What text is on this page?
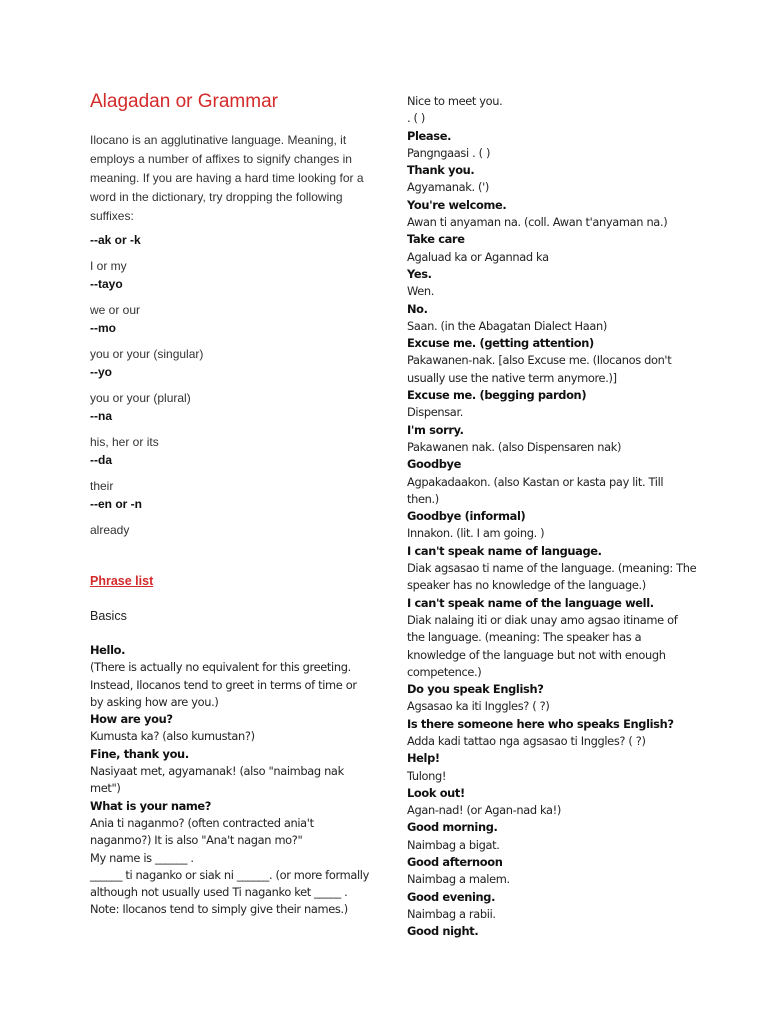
Alagadan or Grammar

Ilocano is an agglutinative language. Meaning, it employs a number of affixes to signify changes in meaning. If you are having a hard time looking for a word in the dictionary, try dropping the following suffixes:

--ak or -k

I or my

--tayo

we or our

--mo

you or your (singular)

--yo

you or your (plural)

--na

his, her or its

--da

their

--en or -n

already

Phrase list

Basics

Hello.

(There is actually no equivalent for this greeting. Instead, Ilocanos tend to greet in terms of time or by asking how are you.)

How are you?

Kumusta ka? (also kumustan?)

Fine, thank you.

Nasiyaat met, agyamanak! (also "naimbag nak met")

What is your name?

Ania ti naganmo? (often contracted ania't naganmo?) It is also "Ana't nagan mo?"

My name is ______ .

______ ti naganko or siak ni ______. (or more formally although not usually used Ti naganko ket _____ . Note: Ilocanos tend to simply give their names.)

Nice to meet you.

. ( )

Please.

Pangngaasi . ( )

Thank you.

Agyamanak. (')

You're welcome.

Awan ti anyaman na. (coll. Awan t'anyaman na.)

Take care

Agaluad ka or Agannad ka

Yes.

Wen.

No.

Saan. (in the Abagatan Dialect Haan)

Excuse me. (getting attention)

Pakawanen-nak. [also Excuse me. (Ilocanos don't usually use the native term anymore.)]

Excuse me. (begging pardon)

Dispensar.

I'm sorry.

Pakawanen nak. (also Dispensaren nak)

Goodbye

Agpakadaakon. (also Kastan or kasta pay lit. Till then.)

Goodbye (informal)

Innakon. (lit. I am going. )

I can't speak name of language.

Diak agsasao ti name of the language. (meaning: The speaker has no knowledge of the language.)

I can't speak name of the language well.

Diak nalaing iti or diak unay amo agsao itiname of the language. (meaning: The speaker has a knowledge of the language but not with enough competence.)

Do you speak English?

Agsasao ka iti Inggles? ( ?)

Is there someone here who speaks English?

Adda kadi tattao nga agsasao ti Inggles? ( ?)

Help!

Tulong!

Look out!

Agan-nad! (or Agan-nad ka!)

Good morning.

Naimbag a bigat.

Good afternoon

Naimbag a malem.

Good evening.

Naimbag a rabii.

Good night.
